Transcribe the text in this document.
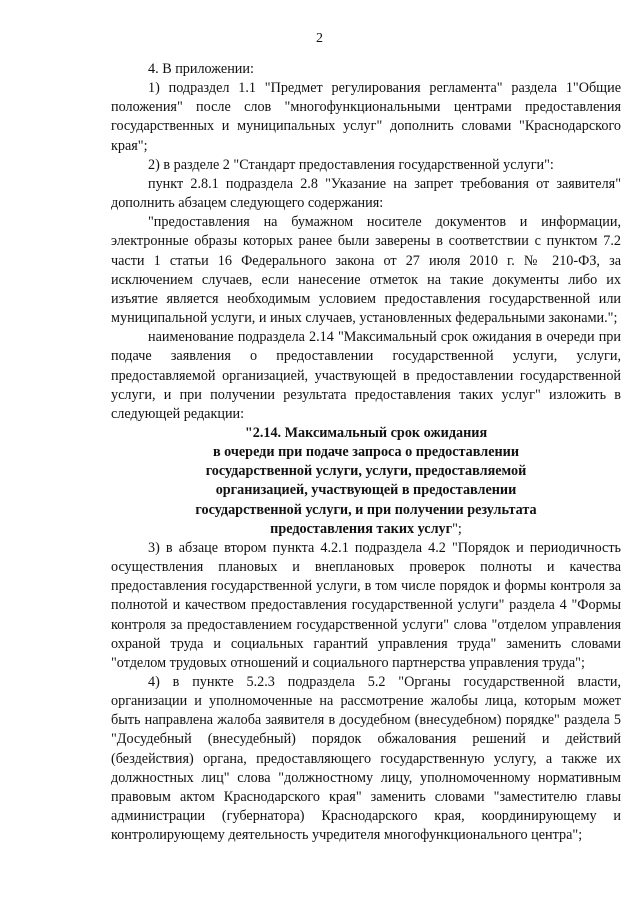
2

4. В приложении:

1) подраздел 1.1 "Предмет регулирования регламента" раздела 1"Общие положения" после слов "многофункциональными центрами предоставления государственных и муниципальных услуг" дополнить словами "Краснодарского края";

2) в разделе 2 "Стандарт предоставления государственной услуги":

пункт 2.8.1 подраздела 2.8 "Указание на запрет требования от заявителя" дополнить абзацем следующего содержания:

"предоставления на бумажном носителе документов и информации, электронные образы которых ранее были заверены в соответствии с пунктом 7.2 части 1 статьи 16 Федерального закона от 27 июля 2010 г. № 210-ФЗ, за исключением случаев, если нанесение отметок на такие документы либо их изъятие является необходимым условием предоставления государственной или муниципальной услуги, и иных случаев, установленных федеральными законами.";

наименование подраздела 2.14 "Максимальный срок ожидания в очереди при подаче заявления о предоставлении государственной услуги, услуги, предоставляемой организацией, участвующей в предоставлении государственной услуги, и при получении результата предоставления таких услуг" изложить в следующей редакции:

"2.14. Максимальный срок ожидания

в очереди при подаче запроса о предоставлении

государственной услуги, услуги, предоставляемой

организацией, участвующей в предоставлении

государственной услуги, и при получении результата

предоставления таких услуг";

3) в абзаце втором пункта 4.2.1 подраздела 4.2 "Порядок и периодичность осуществления плановых и внеплановых проверок полноты и качества предоставления государственной услуги, в том числе порядок и формы контроля за полнотой и качеством предоставления государственной услуги" раздела 4 "Формы контроля за предоставлением государственной услуги" слова "отделом управления охраной труда и социальных гарантий управления труда" заменить словами "отделом трудовых отношений и социального партнерства управления труда";

4) в пункте 5.2.3 подраздела 5.2 "Органы государственной власти, организации и уполномоченные на рассмотрение жалобы лица, которым может быть направлена жалоба заявителя в досудебном (внесудебном) порядке" раздела 5 "Досудебный (внесудебный) порядок обжалования решений и действий (бездействия) органа, предоставляющего государственную услугу, а также их должностных лиц" слова "должностному лицу, уполномоченному нормативным правовым актом Краснодарского края" заменить словами "заместителю главы администрации (губернатора) Краснодарского края, координирующему и контролирующему деятельность учредителя многофункционального центра";
